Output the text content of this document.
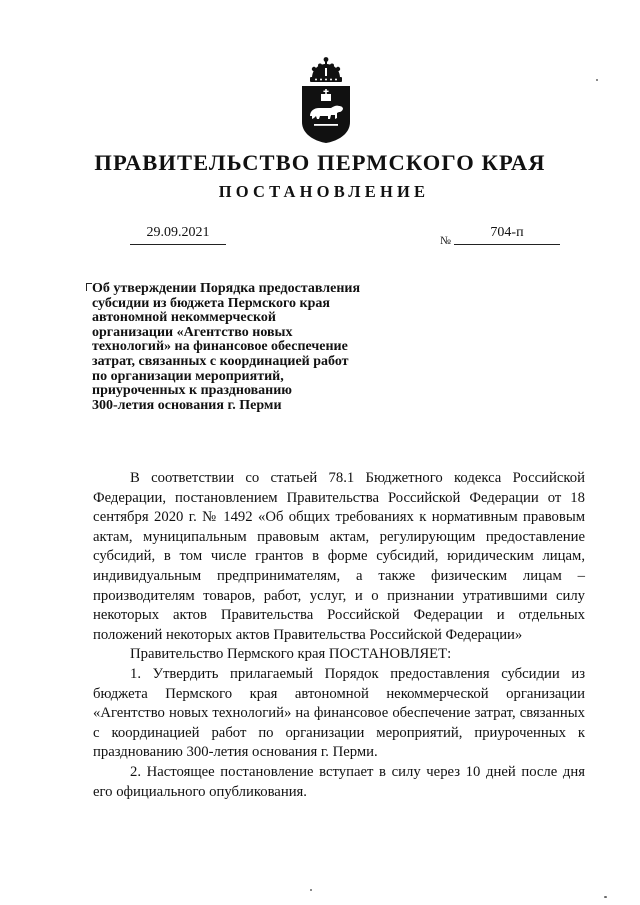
ПРАВИТЕЛЬСТВО ПЕРМСКОГО КРАЯ
ПОСТАНОВЛЕНИЕ
29.09.2021
№
704-п
Об утверждении Порядка предоставления
субсидии из бюджета Пермского края
автономной некоммерческой
организации «Агентство новых
технологий» на финансовое обеспечение
затрат, связанных с координацией работ
по организации мероприятий,
приуроченных к празднованию
300-летия основания г. Перми

В соответствии со статьей 78.1 Бюджетного кодекса Российской Федерации, постановлением Правительства Российской Федерации от 18 сентября 2020 г. № 1492 «Об общих требованиях к нормативным правовым актам, муниципальным правовым актам, регулирующим предоставление субсидий, в том числе грантов в форме субсидий, юридическим лицам, индивидуальным предпринимателям, а также физическим лицам – производителям товаров, работ, услуг, и о признании утратившими силу некоторых актов Правительства Российской Федерации и отдельных положений некоторых актов Правительства Российской Федерации»

Правительство Пермского края ПОСТАНОВЛЯЕТ:

1. Утвердить прилагаемый Порядок предоставления субсидии из бюджета Пермского края автономной некоммерческой организации «Агентство новых технологий» на финансовое обеспечение затрат, связанных с координацией работ по организации мероприятий, приуроченных к празднованию 300-летия основания г. Перми.

2. Настоящее постановление вступает в силу через 10 дней после дня его официального опубликования.
